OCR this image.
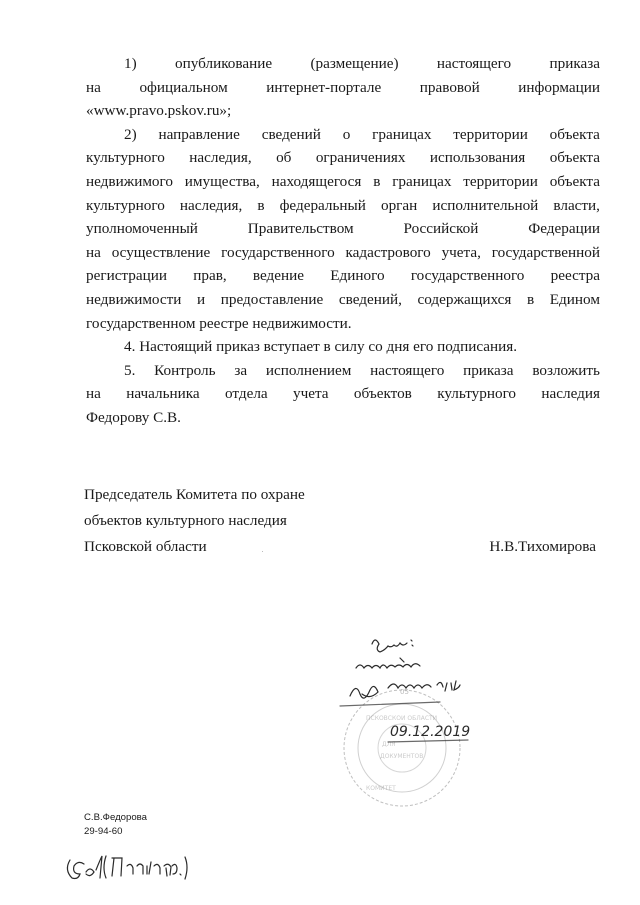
1)	опубликование	(размещение)	настоящего	приказа
на	официальном	интернет-портале	правовой	информации
«www.pravo.pskov.ru»;
2) направление сведений о границах территории объекта
культурного наследия, об ограничениях использования объекта
недвижимого имущества, находящегося в границах территории объекта
культурного наследия, в федеральный орган исполнительной власти,
уполномоченный	Правительством	Российской	Федерации
на осуществление государственного кадастрового учета, государственной
регистрации прав, ведение Единого государственного реестра
недвижимости и предоставление сведений, содержащихся в Едином
государственном реестре недвижимости.
4. Настоящий приказ вступает в силу со дня его подписания.
5. Контроль за исполнением настоящего приказа возложить
на начальника отдела учета объектов культурного наследия
Федорову С.В.
Председатель Комитета по охране
объектов культурного наследия
Псковской области	Н.В.Тихомирова
ПСКОВСКОЙ ОБЛАСТИ
ДЛЯ
ДОКУМЕНТОВ
КОМИТЕТ
09.12.2019
05
С.В.Федорова
29-94-60
